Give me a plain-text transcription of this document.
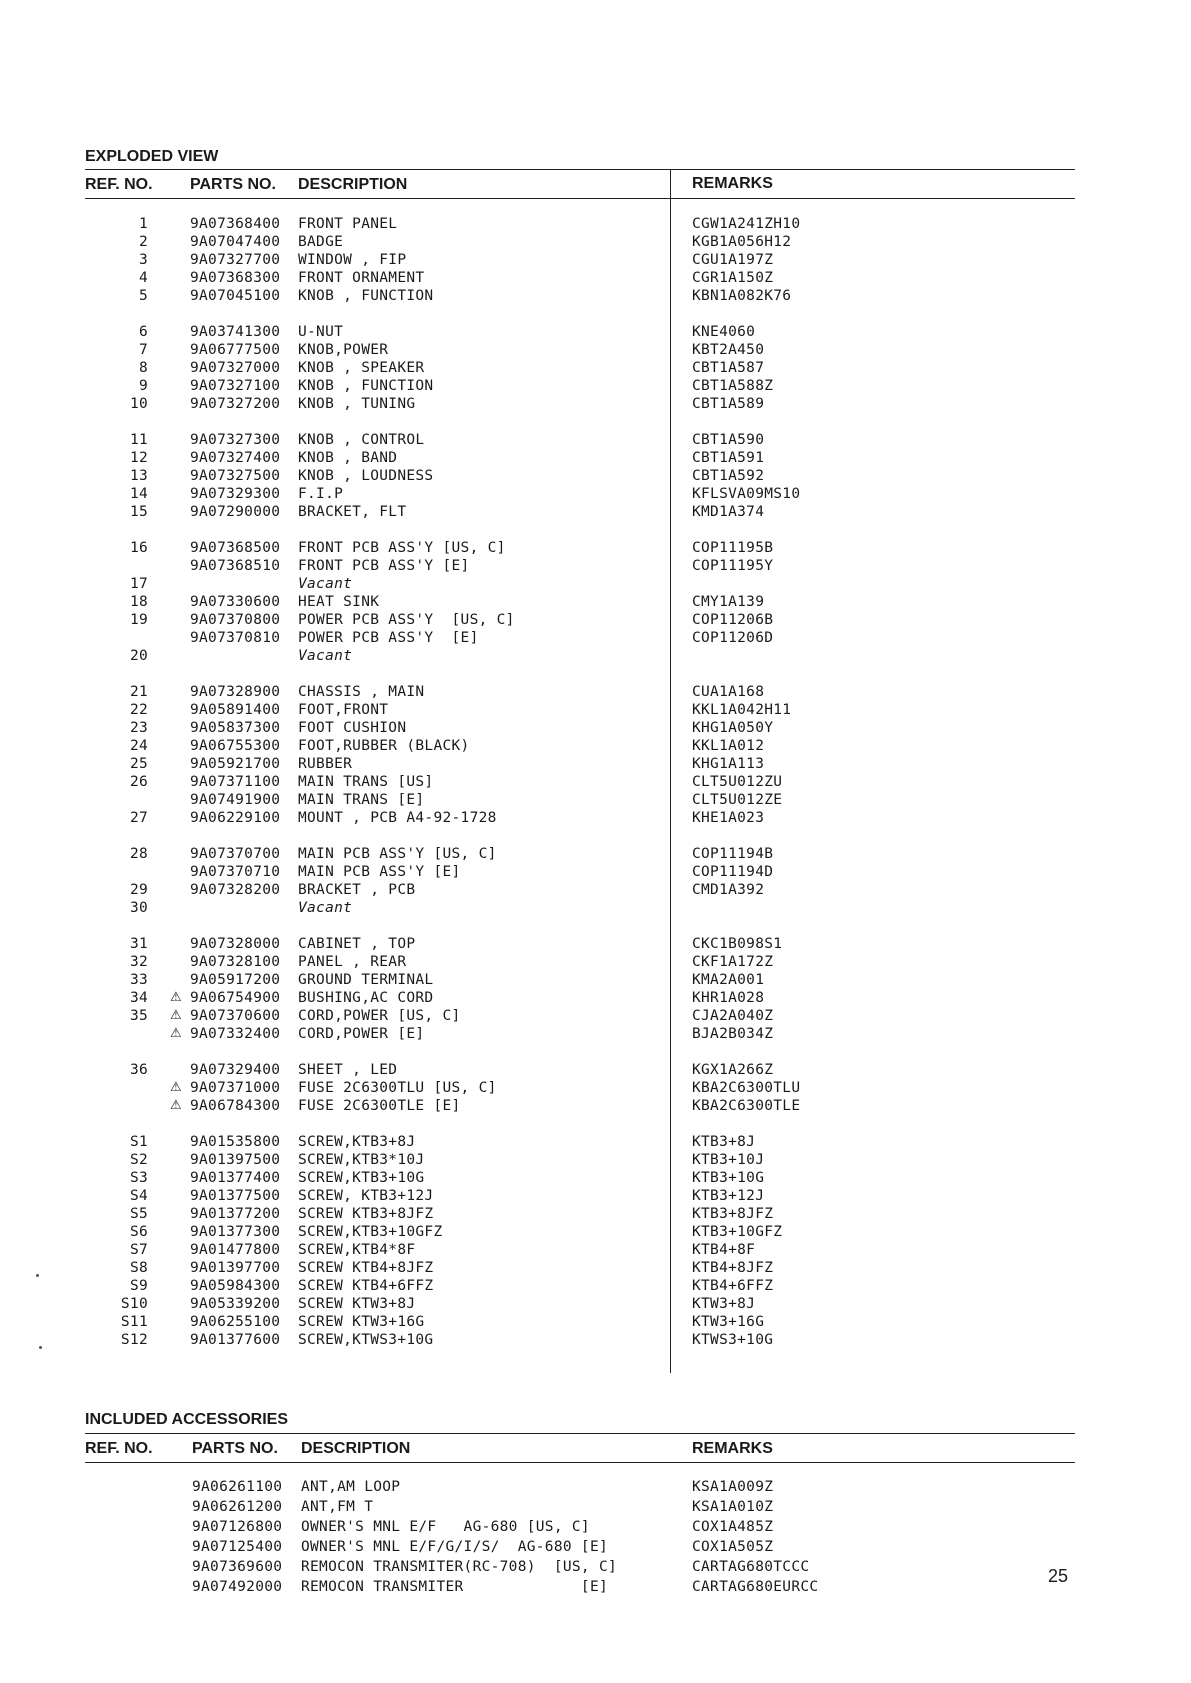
EXPLODED VIEW
REF. NO. PARTS NO. DESCRIPTION	REMARKS
1	9A07368400 FRONT PANEL	CGW1A241ZH10
2	9A07047400 BADGE	KGB1A056H12
3	9A07327700 WINDOW , FIP	CGU1A197Z
4	9A07368300 FRONT ORNAMENT	CGR1A150Z
5	9A07045100 KNOB , FUNCTION	KBN1A082K76
6	9A03741300 U-NUT	KNE4060
7	9A06777500 KNOB,POWER	KBT2A450
8	9A07327000 KNOB , SPEAKER	CBT1A587
9	9A07327100 KNOB , FUNCTION	CBT1A588Z
10	9A07327200 KNOB , TUNING	CBT1A589
11	9A07327300 KNOB , CONTROL	CBT1A590
12	9A07327400 KNOB , BAND	CBT1A591
13	9A07327500 KNOB , LOUDNESS	CBT1A592
14	9A07329300 F.I.P	KFLSVA09MS10
15	9A07290000 BRACKET, FLT	KMD1A374
16	9A07368500 FRONT PCB ASS'Y [US, C]	COP11195B
9A07368510 FRONT PCB ASS'Y [E]	COP11195Y
17	Vacant
18	9A07330600 HEAT SINK	CMY1A139
19	9A07370800 POWER PCB ASS'Y  [US, C]	COP11206B
9A07370810 POWER PCB ASS'Y  [E]	COP11206D
20	Vacant
21	9A07328900 CHASSIS , MAIN	CUA1A168
22	9A05891400 FOOT,FRONT	KKL1A042H11
23	9A05837300 FOOT CUSHION	KHG1A050Y
24	9A06755300 FOOT,RUBBER (BLACK)	KKL1A012
25	9A05921700 RUBBER	KHG1A113
26	9A07371100 MAIN TRANS [US]	CLT5U012ZU
9A07491900 MAIN TRANS [E]	CLT5U012ZE
27	9A06229100 MOUNT , PCB A4-92-1728	KHE1A023
28	9A07370700 MAIN PCB ASS'Y [US, C]	COP11194B
9A07370710 MAIN PCB ASS'Y [E]	COP11194D
29	9A07328200 BRACKET , PCB	CMD1A392
30	Vacant
31	9A07328000 CABINET , TOP	CKC1B098S1
32	9A07328100 PANEL , REAR	CKF1A172Z
33	9A05917200 GROUND TERMINAL	KMA2A001
34	⚠ 9A06754900 BUSHING,AC CORD	KHR1A028
35	⚠ 9A07370600 CORD,POWER [US, C]	CJA2A040Z
⚠ 9A07332400 CORD,POWER [E]	BJA2B034Z
36	9A07329400 SHEET , LED	KGX1A266Z
⚠ 9A07371000 FUSE 2C6300TLU [US, C]	KBA2C6300TLU
⚠ 9A06784300 FUSE 2C6300TLE [E]	KBA2C6300TLE
S1	9A01535800 SCREW,KTB3+8J	KTB3+8J
S2	9A01397500 SCREW,KTB3*10J	KTB3+10J
S3	9A01377400 SCREW,KTB3+10G	KTB3+10G
S4	9A01377500 SCREW, KTB3+12J	KTB3+12J
S5	9A01377200 SCREW KTB3+8JFZ	KTB3+8JFZ
S6	9A01377300 SCREW,KTB3+10GFZ	KTB3+10GFZ
S7	9A01477800 SCREW,KTB4*8F	KTB4+8F
S8	9A01397700 SCREW KTB4+8JFZ	KTB4+8JFZ
S9	9A05984300 SCREW KTB4+6FFZ	KTB4+6FFZ
S10	9A05339200 SCREW KTW3+8J	KTW3+8J
S11	9A06255100 SCREW KTW3+16G	KTW3+16G
S12	9A01377600 SCREW,KTWS3+10G	KTWS3+10G
INCLUDED ACCESSORIES
REF. NO. PARTS NO. DESCRIPTION	REMARKS
9A06261100 ANT,AM LOOP	KSA1A009Z
9A06261200 ANT,FM T	KSA1A010Z
9A07126800 OWNER'S MNL E/F   AG-680 [US, C]	COX1A485Z
9A07125400 OWNER'S MNL E/F/G/I/S/  AG-680 [E]	COX1A505Z
9A07369600 REMOCON TRANSMITER(RC-708)  [US, C]	CARTAG680TCCC
9A07492000 REMOCON TRANSMITER             [E]	CARTAG680EURCC
25
